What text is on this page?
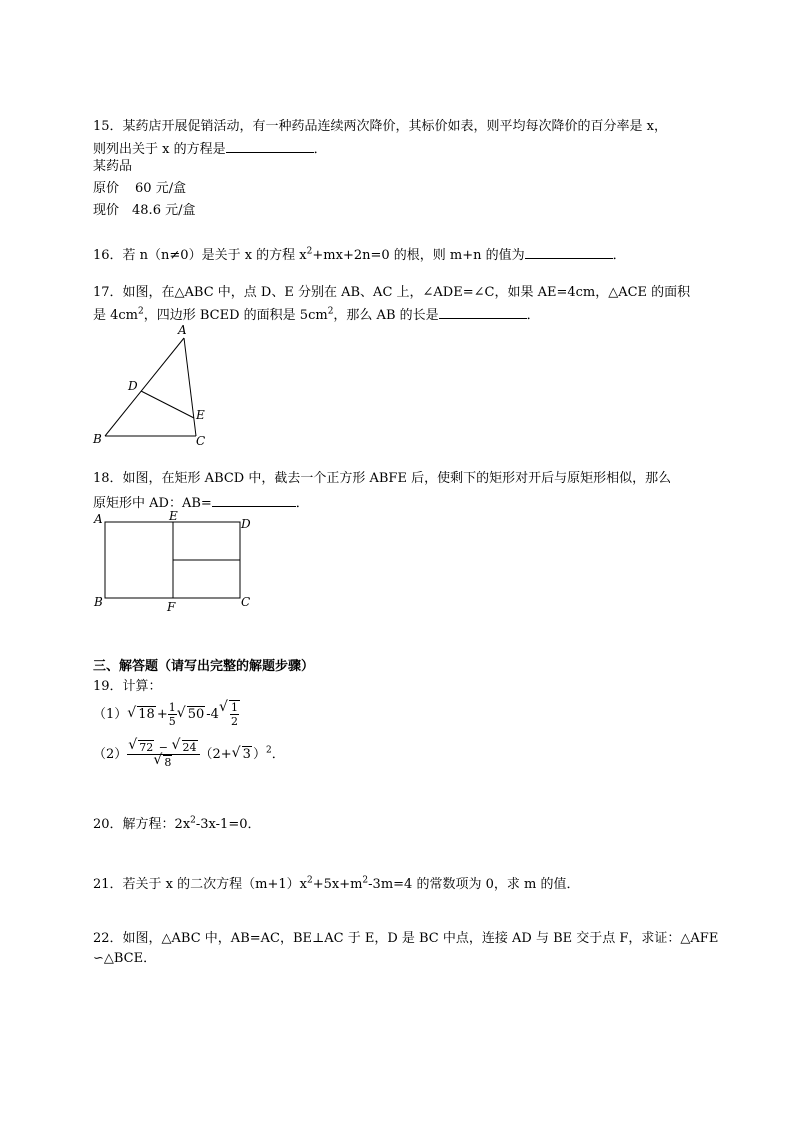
15．某药店开展促销活动，有一种药品连续两次降价，其标价如表，则平均每次降价的百分率是 x，
则列出关于 x 的方程是	．
某药品
原价 60 元/盒
现价 48.6 元/盒
16．若 n（n≠0）是关于 x 的方程 $x^2+mx+2n=0$ 的根，则 m+n 的值为	．
17．如图，在△ABC 中，点 D、E 分别在 AB、AC 上，∠ADE=∠C，如果 AE=4cm，△ACE 的面积
是 $4cm^2$，四边形 BCED 的面积是 $5cm^2$，那么 AB 的长是	．
A
D
E
B	C
18．如图，在矩形 ABCD 中，截去一个正方形 ABFE 后，使剩下的矩形对开后与原矩形相似，那么
原矩形中 AD：AB=	．
A	E
D
B	F	C
三、解答题（请写出完整的解题步骤）
19．计算：
（1） √ $18 + \frac{1}{5}$ √ 50 -4 √ $\frac{1}{2}$
（2） √ 72 − √ 24
√ 8 （2+ √ 3 ）$^2$．
20．解方程：$2x^2-3x-1=0$．
21．若关于 x 的二次方程$(m+1)x^2+5x+m^2-3m=4$ 的常数项为 0，求 m 的值．
22．如图，△ABC 中，AB=AC，BE⊥AC 于 E，D 是 BC 中点，连接 AD 与 BE 交于点 F，求证：△AFE
∽△BCE．
